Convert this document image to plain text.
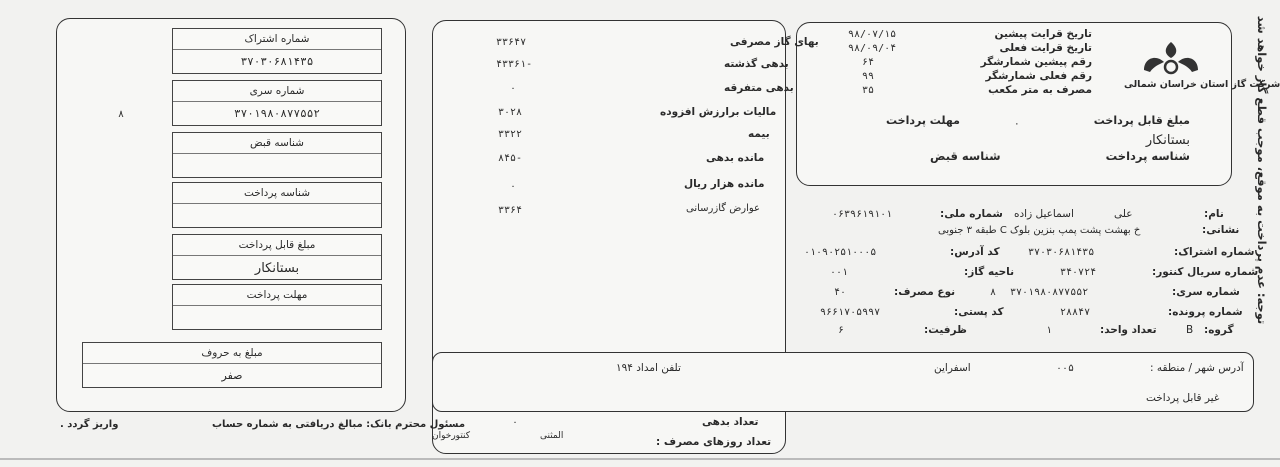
توجه: عدم پرداخت به موقع، موجب قطع گاز خواهد شد
شرکت گاز استان خراسان شمالی
تاریخ قرایت پیشین
۹۸/۰۷/۱۵
تاریخ قرایت فعلی
۹۸/۰۹/۰۴
رقم پیشین شمارشگر
۶۴
رقم فعلی شمارشگر
۹۹
مصرف به متر مکعب
۳۵
مبلغ قابل پرداخت
٠
مهلت پرداخت
بستانکار
شناسه پرداخت
شناسه قبض
بهای گاز مصرفی
۳۳۶۴۷
بدهی گذشته
۴۳۳۶۱-
بدهی متفرقه
٠
مالیات برارزش افزوده
۳۰۲۸
بیمه
۳۳۲۲
مانده بدهی
۸۴۵-
مانده هزار ریال
٠
عوارض گازرسانی
۳۳۶۴
تعداد بدهی
٠
تعداد روزهای مصرف :
نام:
علی
اسماعیل زاده
شماره ملی:
۰۶۳۹۶۱۹۱۰۱
نشانی:
خ بهشت پشت پمپ بنزین بلوک C طبقه ۳ جنوبی
شماره اشتراک:
۳۷۰۳۰۶۸۱۴۳۵
کد آدرس:
۰۱۰۹۰۲۵۱۰۰۰۵
شماره سریال کنتور:
۳۴۰۷۲۴
ناحیه گاز:
۰۰۱
شماره سری:
۳۷۰۱۹۸۰۸۷۷۵۵۲
۸
نوع مصرف:
۴۰
شماره پرونده:
۲۸۸۴۷
کد پستی:
۹۶۶۱۷۰۵۹۹۷
گروه:
B
تعداد واحد:
۱
ظرفیت:
۶
آدرس شهر / منطقه :
۰۰۵
اسفراین
تلفن امداد ۱۹۴
غیر قابل پرداخت
شماره اشتراک
۳۷۰۳۰۶۸۱۴۳۵
شماره سری
۳۷۰۱۹۸۰۸۷۷۵۵۲
۸
شناسه قبض
شناسه پرداخت
مبلغ قابل پرداخت
بستانکار
مهلت پرداخت
مبلغ به حروف
صفر
مسئول محترم بانک: مبالغ دریافتی به شماره حساب
واریز گردد .
کنتورخوان	المثنی
